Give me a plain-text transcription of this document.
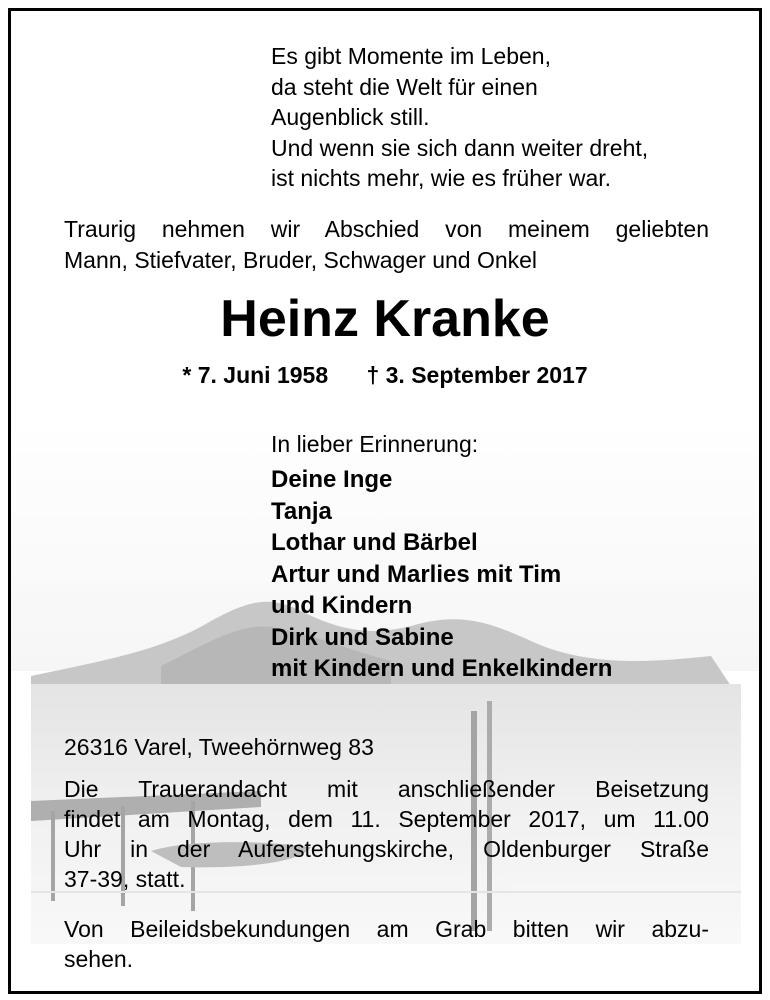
Es gibt Momente im Leben,
da steht die Welt für einen
Augenblick still.
Und wenn sie sich dann weiter dreht,
ist nichts mehr, wie es früher war.
Traurig nehmen wir Abschied von meinem geliebten
Mann, Stiefvater, Bruder, Schwager und Onkel
Heinz Kranke
* 7. Juni 1958 † 3. September 2017
In lieber Erinnerung:
Deine Inge
Tanja
Lothar und Bärbel
Artur und Marlies mit Tim
und Kindern
Dirk und Sabine
mit Kindern und Enkelkindern
26316 Varel, Tweehörnweg 83
Die Trauerandacht mit anschließender Beisetzung
findet am Montag, dem 11. September 2017, um 11.00
Uhr in der Auferstehungskirche, Oldenburger Straße
37-39, statt.
Von Beileidsbekundungen am Grab bitten wir abzu-
sehen.
